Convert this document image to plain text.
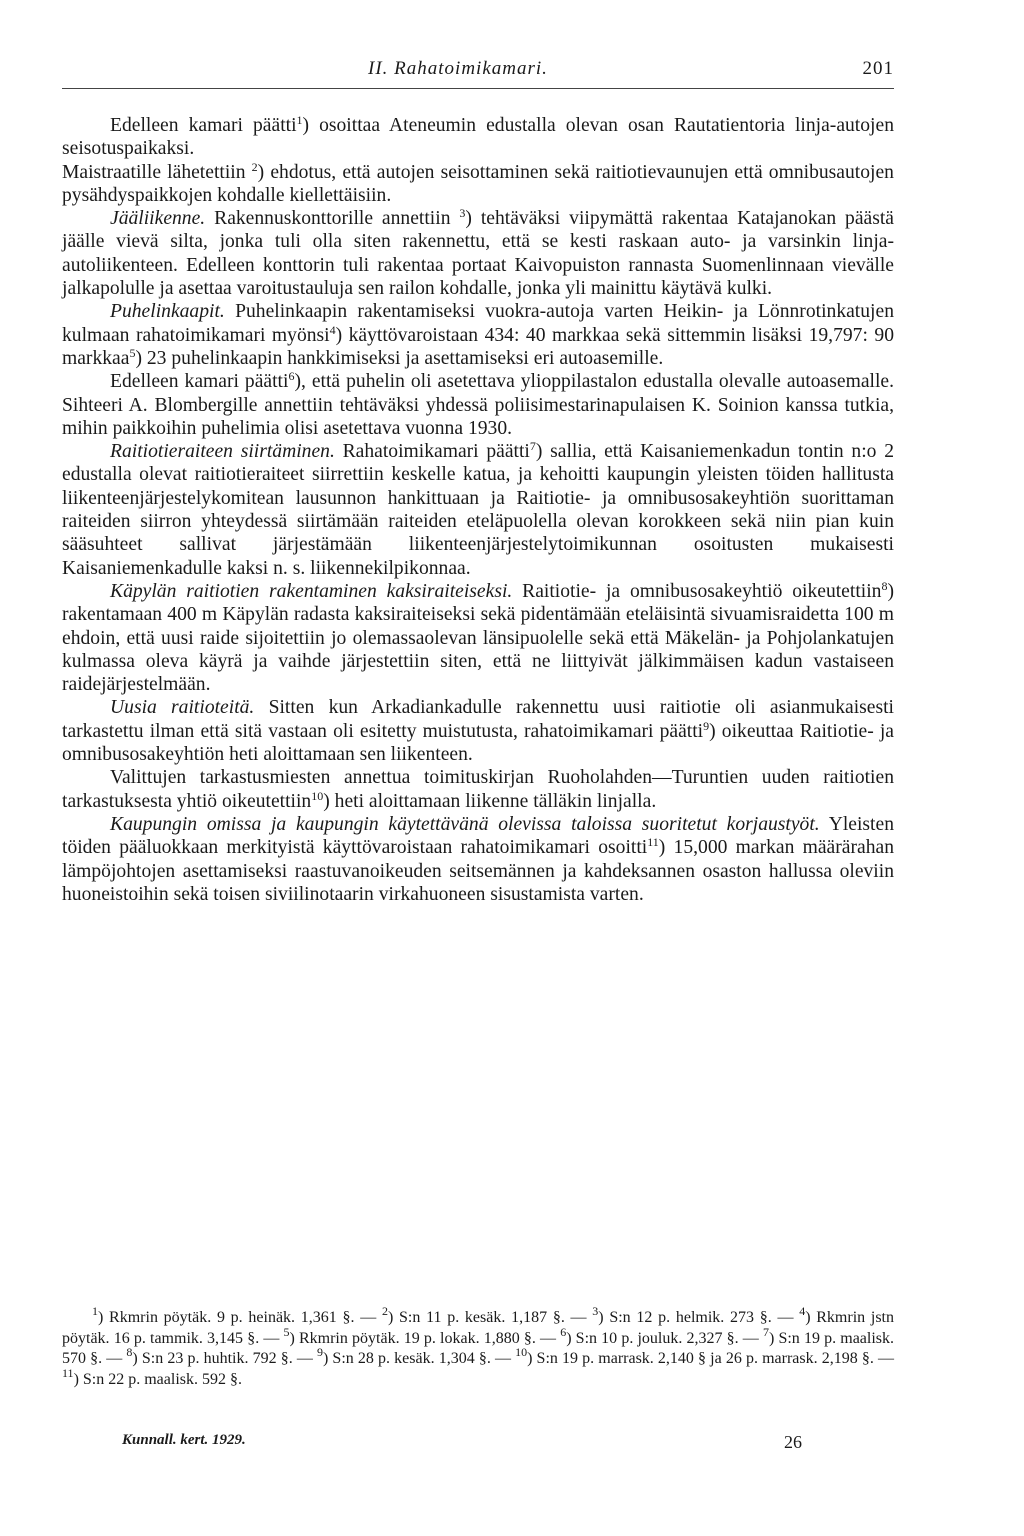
II. Rahatoimikamari.	201

Edelleen kamari päätti$^1$) osoittaa Ateneumin edustalla olevan osan Rautatientoria linja-autojen seisotuspaikaksi.

Maistraatille lähetettiin $^2$) ehdotus, että autojen seisottaminen sekä raitiotievaunujen että omnibusautojen pysähdyspaikkojen kohdalle kiellettäisiin.

Jääliikenne. Rakennuskonttorille annettiin $^3$) tehtäväksi viipymättä rakentaa Katajanokan päästä jäälle vievä silta, jonka tuli olla siten rakennettu, että se kesti raskaan auto- ja varsinkin linja-autoliikenteen. Edelleen konttorin tuli rakentaa portaat Kaivopuiston rannasta Suomenlinnaan vievälle jalkapolulle ja asettaa varoitustauluja sen railon kohdalle, jonka yli mainittu käytävä kulki.

Puhelinkaapit. Puhelinkaapin rakentamiseksi vuokra-autoja varten Heikin- ja Lönnrotinkatujen kulmaan rahatoimikamari myönsi$^4$) käyttövaroistaan 434: 40 markkaa sekä sittemmin lisäksi 19,797: 90 markkaa$^5$) 23 puhelinkaapin hankkimiseksi ja asettamiseksi eri autoasemille.

Edelleen kamari päätti$^6$), että puhelin oli asetettava ylioppilastalon edustalla olevalle autoasemalle. Sihteeri A. Blombergille annettiin tehtäväksi yhdessä poliisimestarinapulaisen K. Soinion kanssa tutkia, mihin paikkoihin puhelimia olisi asetettava vuonna 1930.

Raitiotieraiteen siirtäminen. Rahatoimikamari päätti$^7$) sallia, että Kaisaniemenkadun tontin n:o 2 edustalla olevat raitiotieraiteet siirrettiin keskelle katua, ja kehoitti kaupungin yleisten töiden hallitusta liikenteenjärjestelykomitean lausunnon hankittuaan ja Raitiotie- ja omnibusosakeyhtiön suorittaman raiteiden siirron yhteydessä siirtämään raiteiden eteläpuolella olevan korokkeen sekä niin pian kuin sääsuhteet sallivat järjestämään liikenteenjärjestelytoimikunnan osoitusten mukaisesti Kaisaniemenkadulle kaksi n. s. liikennekilpikonnaa.

Käpylän raitiotien rakentaminen kaksiraiteiseksi. Raitiotie- ja omnibusosakeyhtiö oikeutettiin$^8$) rakentamaan 400 m Käpylän radasta kaksiraiteiseksi sekä pidentämään eteläisintä sivuamisraidetta 100 m ehdoin, että uusi raide sijoitettiin jo olemassaolevan länsipuolelle sekä että Mäkelän- ja Pohjolankatujen kulmassa oleva käyrä ja vaihde järjestettiin siten, että ne liittyivät jälkimmäisen kadun vastaiseen raidejärjestelmään.

Uusia raitioteitä. Sitten kun Arkadiankadulle rakennettu uusi raitiotie oli asianmukaisesti tarkastettu ilman että sitä vastaan oli esitetty muistutusta, rahatoimikamari päätti$^9$) oikeuttaa Raitiotie- ja omnibusosakeyhtiön heti aloittamaan sen liikenteen.

Valittujen tarkastusmiesten annettua toimituskirjan Ruoholahden—Turuntien uuden raitiotien tarkastuksesta yhtiö oikeutettiin$^{10}$) heti aloittamaan liikenne tälläkin linjalla.

Kaupungin omissa ja kaupungin käytettävänä olevissa taloissa suoritetut korjaustyöt. Yleisten töiden pääluokkaan merkityistä käyttövaroistaan rahatoimikamari osoitti$^{11}$) 15,000 markan määrärahan lämpöjohtojen asettamiseksi raastuvanoikeuden seitsemännen ja kahdeksannen osaston hallussa oleviin huoneistoihin sekä toisen siviilinotaarin virkahuoneen sisustamista varten.

$^1$) Rkmrin pöytäk. 9 p. heinäk. 1,361 §. — $^2$) S:n 11 p. kesäk. 1,187 §. — $^3$) S:n 12 p. helmik. 273 §. — $^4$) Rkmrin jstn pöytäk. 16 p. tammik. 3,145 §. — $^5$) Rkmrin pöytäk. 19 p. lokak. 1,880 §. — $^6$) S:n 10 p. jouluk. 2,327 §. — $^7$) S:n 19 p. maalisk. 570 §. — $^8$) S:n 23 p. huhtik. 792 §. — $^9$) S:n 28 p. kesäk. 1,304 §. — $^{10}$) S:n 19 p. marrask. 2,140 § ja 26 p. marrask. 2,198 §. — $^{11}$) S:n 22 p. maalisk. 592 §.

Kunnall. kert. 1929.	26
